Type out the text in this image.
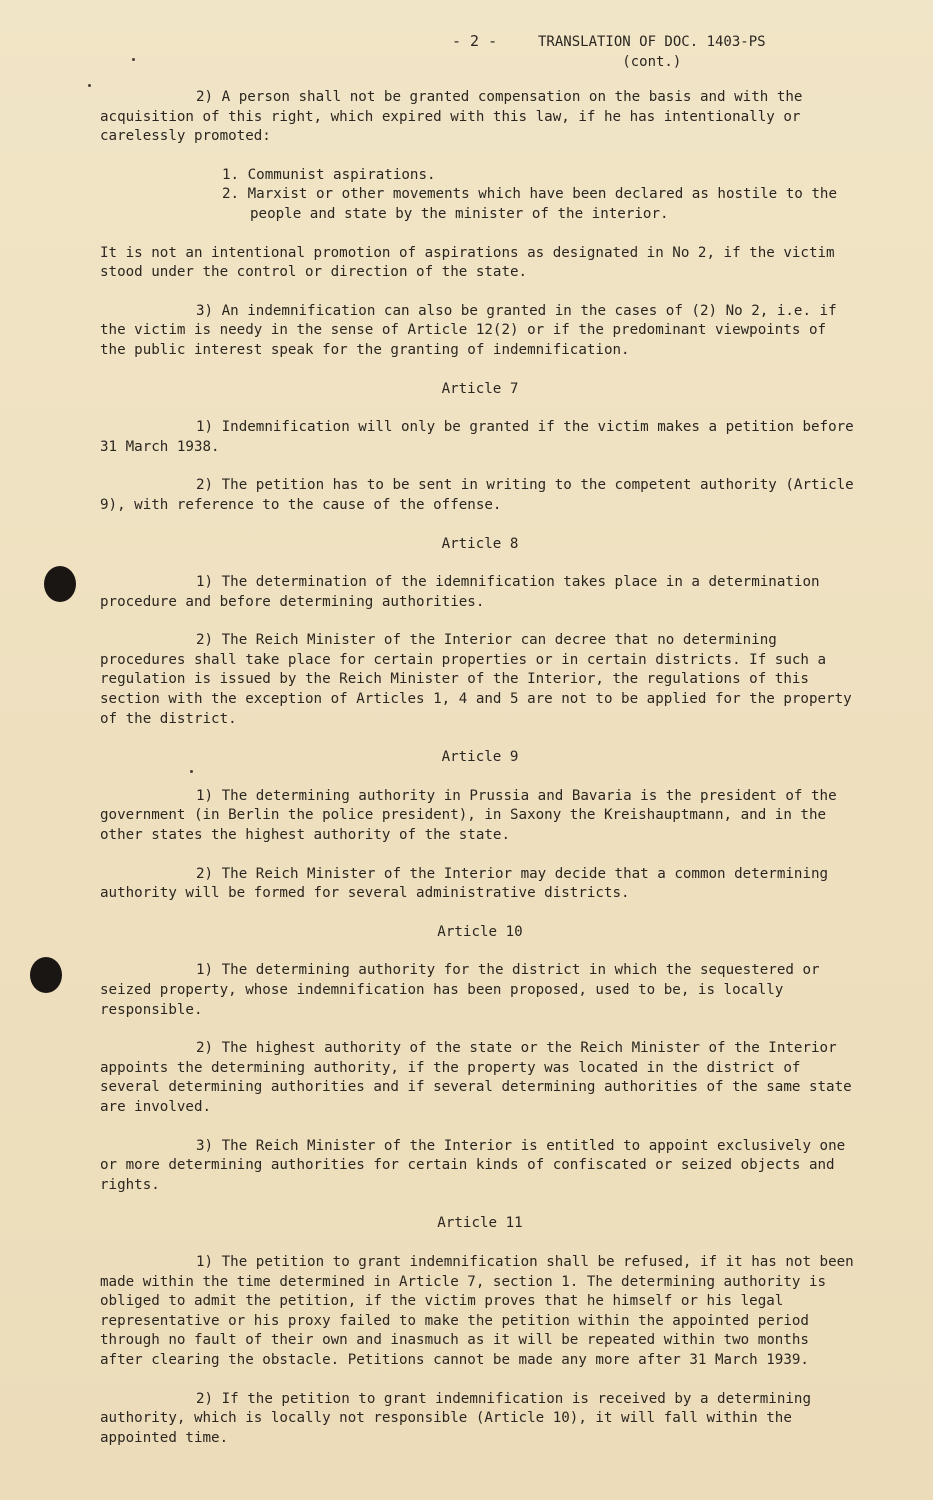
- 2 -	TRANSLATION OF DOC. 1403-PS
(cont.)

2) A person shall not be granted compensation on the basis and with the acquisition of this right, which expired with this law, if he has intentionally or carelessly promoted:

1. Communist aspirations.
2. Marxist or other movements which have been declared as hostile to the people and state by the minister of the interior.

It is not an intentional promotion of aspirations as designated in No 2, if the victim stood under the control or direction of the state.

3) An indemnification can also be granted in the cases of (2) No 2, i.e. if the victim is needy in the sense of Article 12(2) or if the predominant viewpoints of the public interest speak for the granting of indemnification.

Article 7

1) Indemnification will only be granted if the victim makes a petition before 31 March 1938.

2) The petition has to be sent in writing to the competent authority (Article 9), with reference to the cause of the offense.

Article 8

1) The determination of the idemnification takes place in a determination procedure and before determining authorities.

2) The Reich Minister of the Interior can decree that no determining procedures shall take place for certain properties or in certain districts. If such a regulation is issued by the Reich Minister of the Interior, the regulations of this section with the exception of Articles 1, 4 and 5 are not to be applied for the property of the district.

Article 9

1) The determining authority in Prussia and Bavaria is the president of the government (in Berlin the police president), in Saxony the Kreishauptmann, and in the other states the highest authority of the state.

2) The Reich Minister of the Interior may decide that a common determining authority will be formed for several administrative districts.

Article 10

1) The determining authority for the district in which the sequestered or seized property, whose indemnification has been proposed, used to be, is locally responsible.

2) The highest authority of the state or the Reich Minister of the Interior appoints the determining authority, if the property was located in the district of several determining authorities and if several determining authorities of the same state are involved.

3) The Reich Minister of the Interior is entitled to appoint exclusively one or more determining authorities for certain kinds of confiscated or seized objects and rights.

Article 11

1) The petition to grant indemnification shall be refused, if it has not been made within the time determined in Article 7, section 1. The determining authority is obliged to admit the petition, if the victim proves that he himself or his legal representative or his proxy failed to make the petition within the appointed period through no fault of their own and inasmuch as it will be repeated within two months after clearing the obstacle. Petitions cannot be made any more after 31 March 1939.

2) If the petition to grant indemnification is received by a determining authority, which is locally not responsible (Article 10), it will fall within the appointed time.
